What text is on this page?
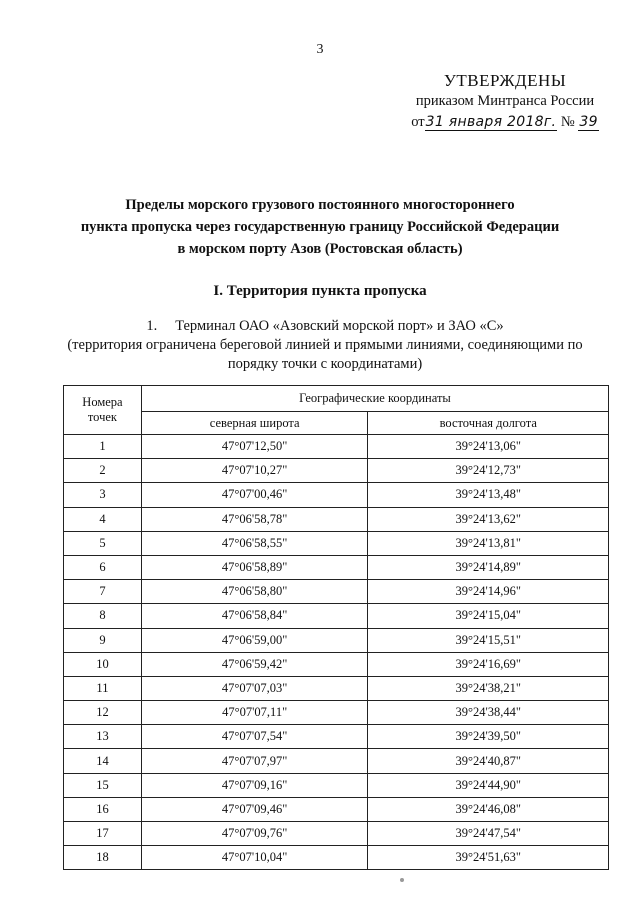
3
УТВЕРЖДЕНЫ
приказом Минтранса России
от31 января 2018г. № 39
Пределы морского грузового постоянного многостороннего
пункта пропуска через государственную границу Российской Федерации
в морском порту Азов (Ростовская область)
I. Территория пункта пропуска
1. Терминал ОАО «Азовский морской порт» и ЗАО «С»
(территория ограничена береговой линией и прямыми линиями, соединяющими по
порядку точки с координатами)
Номера
точек	Географические координаты	
	северная широта	восточная долгота
1	47°07'12,50"	39°24'13,06"
2	47°07'10,27"	39°24'12,73"
3	47°07'00,46"	39°24'13,48"
4	47°06'58,78"	39°24'13,62"
5	47°06'58,55"	39°24'13,81"
6	47°06'58,89"	39°24'14,89"
7	47°06'58,80"	39°24'14,96"
8	47°06'58,84"	39°24'15,04"
9	47°06'59,00"	39°24'15,51"
10	47°06'59,42"	39°24'16,69"
11	47°07'07,03"	39°24'38,21"
12	47°07'07,11"	39°24'38,44"
13	47°07'07,54"	39°24'39,50"
14	47°07'07,97"	39°24'40,87"
15	47°07'09,16"	39°24'44,90"
16	47°07'09,46"	39°24'46,08"
17	47°07'09,76"	39°24'47,54"
18	47°07'10,04"	39°24'51,63"
